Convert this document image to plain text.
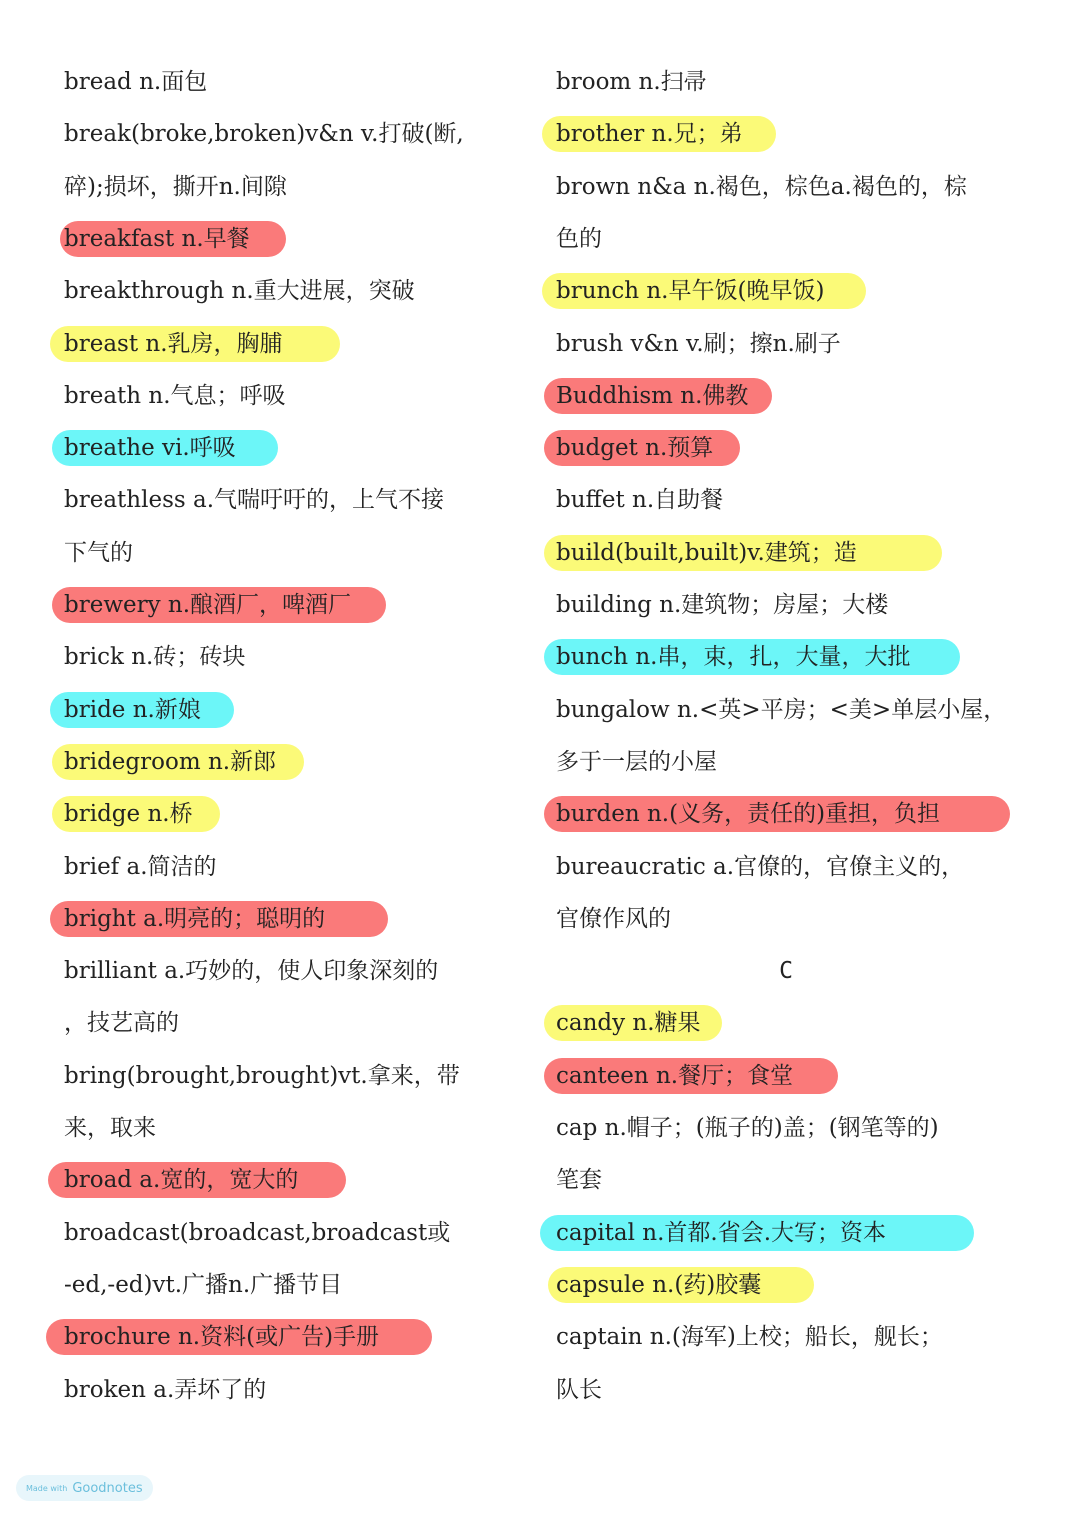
bread n.面包
break(broke,broken)v&n v.打破(断,
碎);损坏，撕开n.间隙
breakfast n.早餐
breakthrough n.重大进展，突破
breast n.乳房，胸脯
breath n.气息；呼吸
breathe vi.呼吸
breathless a.气喘吁吁的，上气不接
下气的
brewery n.酿酒厂，啤酒厂
brick n.砖；砖块
bride n.新娘
bridegroom n.新郎
bridge n.桥
brief a.简洁的
bright a.明亮的；聪明的
brilliant a.巧妙的，使人印象深刻的
，技艺高的
bring(brought,brought)vt.拿来，带
来，取来
broad a.宽的，宽大的
broadcast(broadcast,broadcast或
-ed,-ed)vt.广播n.广播节目
brochure n.资料(或广告)手册
broken a.弄坏了的
broom n.扫帚
brother n.兄；弟
brown n&a n.褐色，棕色a.褐色的，棕
色的
brunch n.早午饭(晚早饭)
brush v&n v.刷；擦n.刷子
Buddhism n.佛教
budget n.预算
buffet n.自助餐
build(built,built)v.建筑；造
building n.建筑物；房屋；大楼
bunch n.串，束，扎，大量，大批
bungalow n.<英>平房；<美>单层小屋，
多于一层的小屋
burden n.(义务，责任的)重担，负担
bureaucratic a.官僚的，官僚主义的，
官僚作风的
C
candy n.糖果
canteen n.餐厅；食堂
cap n.帽子；(瓶子的)盖；(钢笔等的)
笔套
capital n.首都.省会.大写；资本
capsule n.(药)胶囊
captain n.(海军)上校；船长，舰长；
队长
Made with Goodnotes
